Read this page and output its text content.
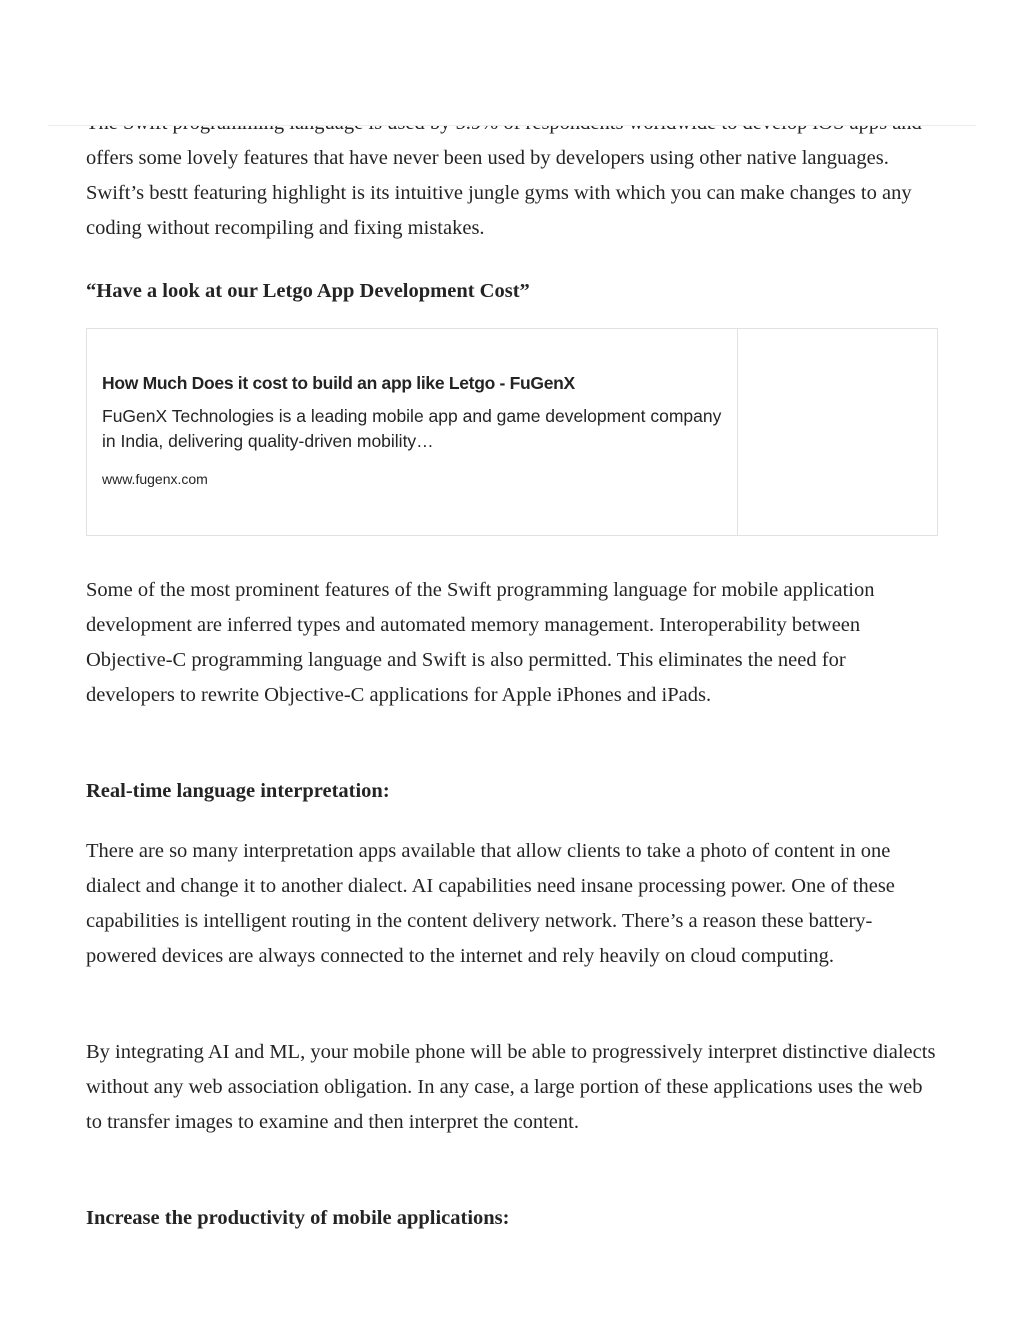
offers some lovely features that have never been used by developers using other native languages. Swift’s bestt featuring highlight is its intuitive jungle gyms with which you can make changes to any coding without recompiling and fixing mistakes.

“Have a look at our Letgo App Development Cost”

How Much Does it cost to build an app like Letgo - FuGenX
FuGenX Technologies is a leading mobile app and game development company in India, delivering quality-driven mobility…
www.fugenx.com

Some of the most prominent features of the Swift programming language for mobile application development are inferred types and automated memory management. Interoperability between Objective-C programming language and Swift is also permitted. This eliminates the need for developers to rewrite Objective-C applications for Apple iPhones and iPads.

Real-time language interpretation:

There are so many interpretation apps available that allow clients to take a photo of content in one dialect and change it to another dialect. AI capabilities need insane processing power. One of these capabilities is intelligent routing in the content delivery network. There’s a reason these battery-powered devices are always connected to the internet and rely heavily on cloud computing.

By integrating AI and ML, your mobile phone will be able to progressively interpret distinctive dialects without any web association obligation. In any case, a large portion of these applications uses the web to transfer images to examine and then interpret the content.

Increase the productivity of mobile applications:
